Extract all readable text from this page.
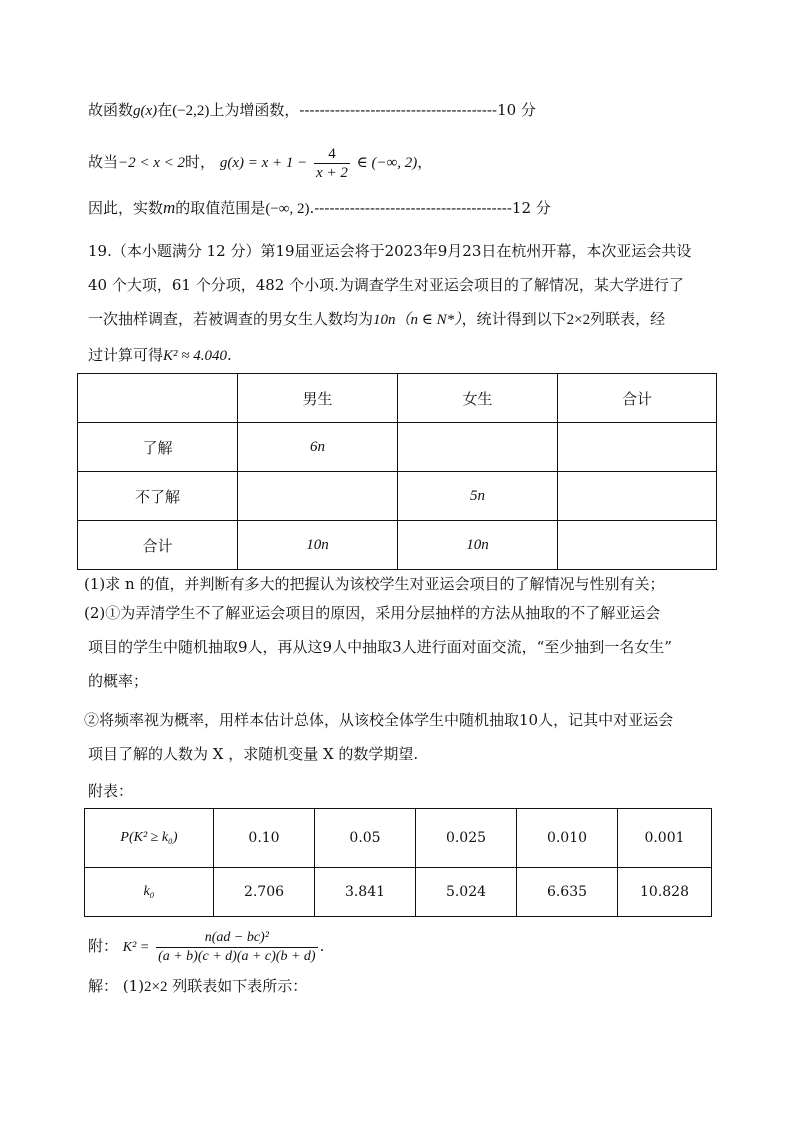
故函数g(x)在(−2,2)上为增函数，---------------------------------------10 分
故当−2 < x < 2时， $g(x) = x + 1 - \frac{4}{x + 2}$ ∈ (−∞, 2)，
因此，实数m的取值范围是(−∞, 2).---------------------------------------12 分
19.（本小题满分 12 分）第19届亚运会将于2023年9月23日在杭州开幕，本次亚运会共设
40 个大项，61 个分项，482 个小项.为调查学生对亚运会项目的了解情况，某大学进行了
一次抽样调查，若被调查的男女生人数均为10n（n ∈ N*），统计得到以下2×2列联表，经
过计算可得K² ≈ 4.040.
	男生	女生	合计
了解	6n		
不了解		5n	
合计	10n	10n	
(1)求 n 的值，并判断有多大的把握认为该校学生对亚运会项目的了解情况与性别有关；
(2)①为弄清学生不了解亚运会项目的原因，采用分层抽样的方法从抽取的不了解亚运会
项目的学生中随机抽取9人，再从这9人中抽取3人进行面对面交流，“至少抽到一名女生”
的概率；
②将频率视为概率，用样本估计总体，从该校全体学生中随机抽取10人，记其中对亚运会
项目了解的人数为 X ，求随机变量 X 的数学期望.
附表：
P(K² ≥ k₀)	0.10	0.05	0.025	0.010	0.001
k₀	2.706	3.841	5.024	6.635	10.828
附： $K^2 = \frac{\text{n(ad − bc)²}}{(a + b)(c + d)(a + c)(b + d)}$ .
解： (1)2×2 列联表如下表所示：
